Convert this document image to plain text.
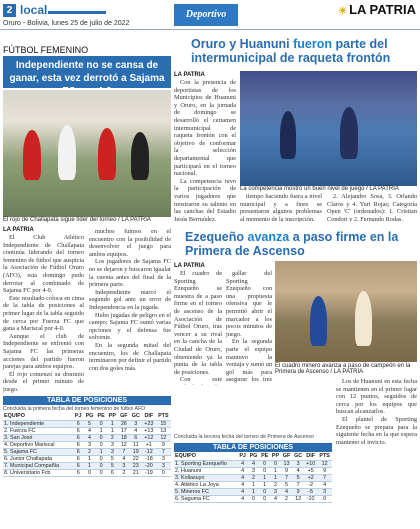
2 local
Oruro - Bolivia, lunes 25 de julio de 2022
Deportivo	☀ LA PATRIA
FÚTBOL FEMENINO
Independiente no se cansa de ganar, esta vez derrotó a Sajama
El rojo de Challapata sigue líder del torneo / LA PATRIA
LA PATRIA

El Club Atlético Independiente de Challapata continúa liderando del torneo femenino de fútbol que auspicia la Asociación de Fútbol Oruro (AFO), esta domingo pudo derrotar al combinado de Sajama FC por 4-0.

Este resultado coloca en cima de la tabla de posiciones al primer lugar de la tabla seguido de cerca por Fuerza FC que gana a Mariscal por 4-0.

Aunque el club de Independiente se enfrentó con Sajama FC las primeras acciones del partido fueron parejas para ambos equipos.

El rojo comenzó su dominio desde el primer minuto de juego.

muchos fuimos en el encuentro con la posibilidad de desenvolver el juego para ambos equipos.

Los jugadores de Sajama FC no se dejaron y buscaron igualar la cuenta antes del final de la primera parte.

Independiente marcó el segundo gol ante un error de Independencia en la jugada.

Hubo jugadas de peligro en el campo; Sajama FC sumó varias opciones y el defensa fue solvente.

En la segunda mitad del encuentro, los de Challapata terminaron por definir el partido con dos goles más.

TABLA DE POSICIONES
Concluida la primera fecha del torneo femenino de fútbol AFO
EQUIPO	PJ	PG	PE	PP	GF	GC	DIF	PTS
1. Independiente	6	5	0	1	26	3	+23	15
2. Fuerza FC	6	4	1	1	17	4	+13	13
3. San José	6	4	0	2	18	6	+12	12
4. Deportivo Mariscal	6	3	0	3	12	11	+1	9
5. Sajama FC	6	2	1	3	7	19	-12	7
6. Junior Challapata	6	1	0	5	4	22	-18	3
7. Municipal Compañía	6	1	0	5	3	23	-20	3
8. Universitario Fcb	6	0	0	6	2	21	-19	0
Oruro y Huanuni fueron parte del intermunicipal de raqueta frontón
LA PATRIA

Con la presencia de deportistas de los Municipios de Huanuni y Oruro, en la jornada de domingo se desarrolló el certamen intermunicipal de raqueta frontón con el objetivo de conformar la selección departamental que participará en el torneo nacional.

La competencia tuvo la participación de varios jugadores que mostraron su talento en las canchas del Estadio Jesús Bermúdez.

La competencia mostró un buen nivel de juego / LA PATRIA

tiempo haciendo fuera a nivel municipal y a fines se presentaron algunos problemas al momento de la inscripción.

2. Alejandro Sosa, 3. Orlando Claros y 4. Yuri Rojas; Categoría Open 'C' (ordenados): 1. Cristian Condori y 2. Fernando Rodas.

Ezequeño avanza a paso firme en la Primera de Ascenso
LA PATRIA

El cuadro de Sporting Ezequeño se muestra de a paso firme en el torneo de ascenso de la Asociación de Fútbol Oruro, tras vencer a su rival en la cancha de la Ciudad de Oruro, obteniendo ya la punta de la tabla de posiciones.

Con este

gallar del Sporting Ezequeño con una propuesta ofensiva que le permitió abrir el marcador a los pocos minutos de juego.

En la segunda parte el equipo mantuvo la ventaja y sumó un gol más para asegurar los tres

El cuadro minero avanza a paso de campeón en la Primera de Ascenso / LA PATRIA

Los de Huanuni en esta fecha se mantienen en el primer lugar con 12 puntos, seguidos de cerca por los equipos que buscan alcanzarlos.

El plantel de Sporting Ezequeño se prepara para la siguiente fecha en la que espera mantener el invicto.

TABLA DE POSICIONES
Concluida la tercera fecha del torneo de Primera de Ascenso
EQUIPO	PJ	PG	PE	PP	GF	GC	DIF	PTS
1. Sporting Ezequeño	4	4	0	0	13	3	+10	12
2. Huanuni	4	3	0	1	9	4	+5	9
3. Kollasuyo	4	2	1	1	7	5	+2	7
4. Atlético La Joya	4	1	1	2	5	7	-2	4
5. Mineros FC	4	1	0	3	4	9	-5	3
6. Saguma FC	4	0	0	4	2	12	-10	0
